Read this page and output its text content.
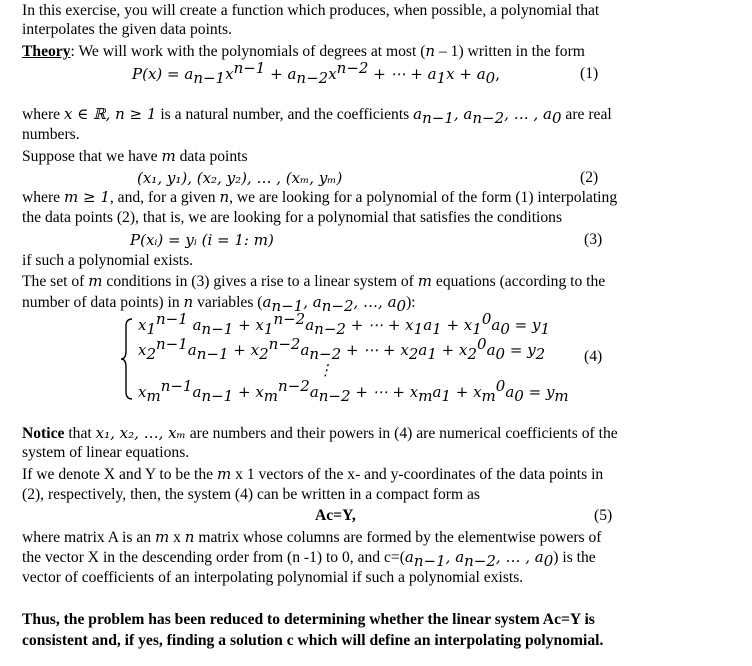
In this exercise, you will create a function which produces, when possible, a polynomial that
interpolates the given data points.
Theory: We will work with the polynomials of degrees at most (n – 1) written in the form
$P(x) = a_{n-1}x^{n-1} + a_{n-2}x^{n-2}$ + ⋯ + $a_1x + a_0$,	(1)
where x ∈ ℝ, n ≥ 1 is a natural number, and the coefficients $a_{n-1}$, $a_{n-2}$, … , $a_0$ are real
numbers.
Suppose that we have m data points
(x₁, y₁), (x₂, y₂), … , (xₘ, yₘ)	(2)
where m ≥ 1, and, for a given n, we are looking for a polynomial of the form (1) interpolating
the data points (2), that is, we are looking for a polynomial that satisfies the conditions
P(xᵢ) = yᵢ (i = 1: m)	(3)
if such a polynomial exists.
The set of m conditions in (3) gives a rise to a linear system of m equations (according to the
number of data points) in n variables ($a_{n-1}$, $a_{n-2}$, …, $a_0$):
$x_1^{n-1}$ $a_{n-1} + x_1^{n-2}a_{n-2}$ + ⋯ + $x_1a_1 + x_1^0a_0 = y_1$
$x_2^{n-1}a_{n-1} + x_2^{n-2}a_{n-2}$ + ⋯ + $x_2a_1 + x_2^0a_0 = y_2$
⋮
$x_m^{n-1}a_{n-1} + x_m^{n-2}a_{n-2}$ + ⋯ + $x_ma_1 + x_m^0a_0 = y_m$
(4)
Notice that x₁, x₂, …, xₘ are numbers and their powers in (4) are numerical coefficients of the
system of linear equations.
If we denote X and Y to be the m x 1 vectors of the x- and y-coordinates of the data points in
(2), respectively, then, the system (4) can be written in a compact form as
Ac=Y,	(5)
where matrix A is an m x n matrix whose columns are formed by the elementwise powers of
the vector X in the descending order from (n -1) to 0, and $c=(a_{n-1}$, $a_{n-2}$, … , $a_0$) is the
vector of coefficients of an interpolating polynomial if such a polynomial exists.
Thus, the problem has been reduced to determining whether the linear system Ac=Y is
consistent and, if yes, finding a solution c which will define an interpolating polynomial.
